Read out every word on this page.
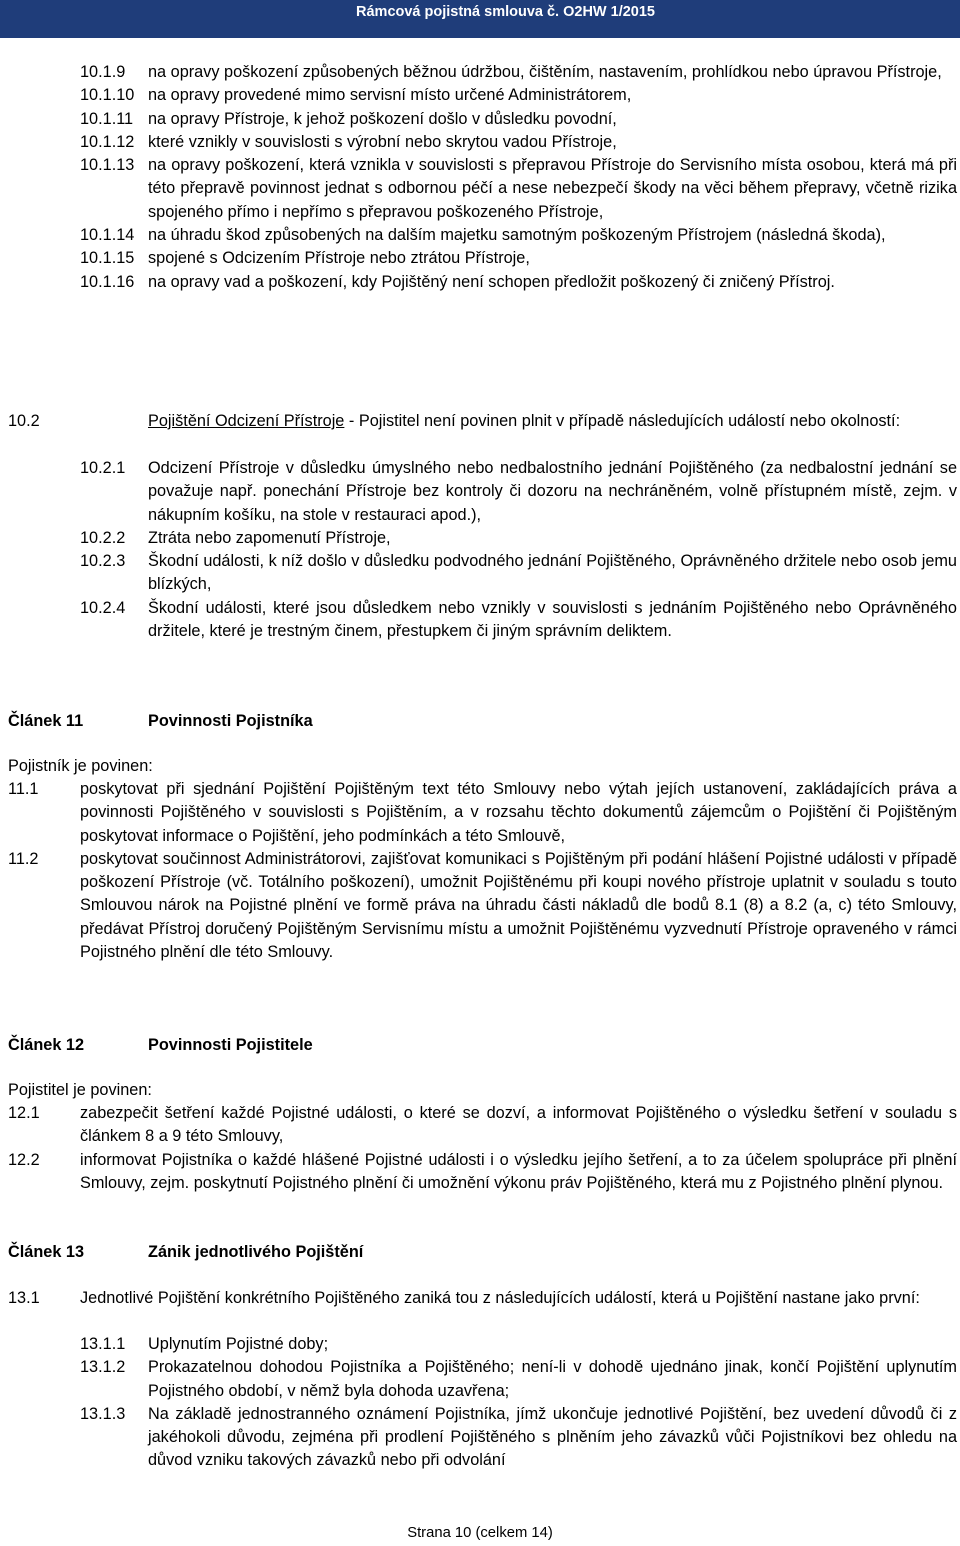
Rámcová pojistná smlouva č. O2HW 1/2015
10.1.9	na opravy poškození způsobených běžnou údržbou, čištěním, nastavením, prohlídkou nebo úpravou Přístroje,
10.1.10 na opravy provedené mimo servisní místo určené Administrátorem,
10.1.11 na opravy Přístroje, k jehož poškození došlo v důsledku povodní,
10.1.12 které vznikly v souvislosti s výrobní nebo skrytou vadou Přístroje,
10.1.13 na opravy poškození, která vznikla v souvislosti s přepravou Přístroje do Servisního místa osobou, která má při této přepravě povinnost jednat s odbornou péčí a nese nebezpečí škody na věci během přepravy, včetně rizika spojeného přímo i nepřímo s přepravou poškozeného Přístroje,
10.1.14 na úhradu škod způsobených na dalším majetku samotným poškozeným Přístrojem (následná škoda),
10.1.15 spojené s Odcizením Přístroje nebo ztrátou Přístroje,
10.1.16 na opravy vad a poškození, kdy Pojištěný není schopen předložit poškozený či zničený Přístroj.
10.2	Pojištění Odcizení Přístroje - Pojistitel není povinen plnit v případě následujících událostí nebo okolností:
10.2.1	Odcizení Přístroje v důsledku úmyslného nebo nedbalostního jednání Pojištěného (za nedbalostní jednání se považuje např. ponechání Přístroje bez kontroly či dozoru na nechráněném, volně přístupném místě, zejm. v nákupním košíku, na stole v restauraci apod.),
10.2.2	Ztráta nebo zapomenutí Přístroje,
10.2.3	Škodní události, k níž došlo v důsledku podvodného jednání Pojištěného, Oprávněného držitele nebo osob jemu blízkých,
10.2.4	Škodní události, které jsou důsledkem nebo vznikly v souvislosti s jednáním Pojištěného nebo Oprávněného držitele, které je trestným činem, přestupkem či jiným správním deliktem.
Článek 11	Povinnosti Pojistníka
Pojistník je povinen:
11.1	poskytovat při sjednání Pojištění Pojištěným text této Smlouvy nebo výtah jejích ustanovení, zakládajících práva a povinnosti Pojištěného v souvislosti s Pojištěním, a v rozsahu těchto dokumentů zájemcům o Pojištění či Pojištěným poskytovat informace o Pojištění, jeho podmínkách a této Smlouvě,
11.2	poskytovat součinnost Administrátorovi, zajišťovat komunikaci s Pojištěným při podání hlášení Pojistné události v případě poškození Přístroje (vč. Totálního poškození), umožnit Pojištěnému při koupi nového přístroje uplatnit v souladu s touto Smlouvou nárok na Pojistné plnění ve formě práva na úhradu části nákladů dle bodů 8.1 (8) a 8.2 (a, c) této Smlouvy, předávat Přístroj doručený Pojištěným Servisnímu místu a umožnit Pojištěnému vyzvednutí Přístroje opraveného v rámci Pojistného plnění dle této Smlouvy.
Článek 12	Povinnosti Pojistitele
Pojistitel je povinen:
12.1	zabezpečit šetření každé Pojistné události, o které se dozví, a informovat Pojištěného o výsledku šetření v souladu s článkem 8 a 9 této Smlouvy,
12.2	informovat Pojistníka o každé hlášené Pojistné události i o výsledku jejího šetření, a to za účelem spolupráce při plnění Smlouvy, zejm. poskytnutí Pojistného plnění či umožnění výkonu práv Pojištěného, která mu z Pojistného plnění plynou.
Článek 13	Zánik jednotlivého Pojištění
13.1	Jednotlivé Pojištění konkrétního Pojištěného zaniká tou z následujících událostí, která u Pojištění nastane jako první:
13.1.1	Uplynutím Pojistné doby;
13.1.2	Prokazatelnou dohodou Pojistníka a Pojištěného; není-li v dohodě ujednáno jinak, končí Pojištění uplynutím Pojistného období, v němž byla dohoda uzavřena;
13.1.3	Na základě jednostranného oznámení Pojistníka, jímž ukončuje jednotlivé Pojištění, bez uvedení důvodů či z jakéhokoli důvodu, zejména při prodlení Pojištěného s plněním jeho závazků vůči Pojistníkovi bez ohledu na důvod vzniku takových závazků nebo při odvolání
Strana 10 (celkem 14)
